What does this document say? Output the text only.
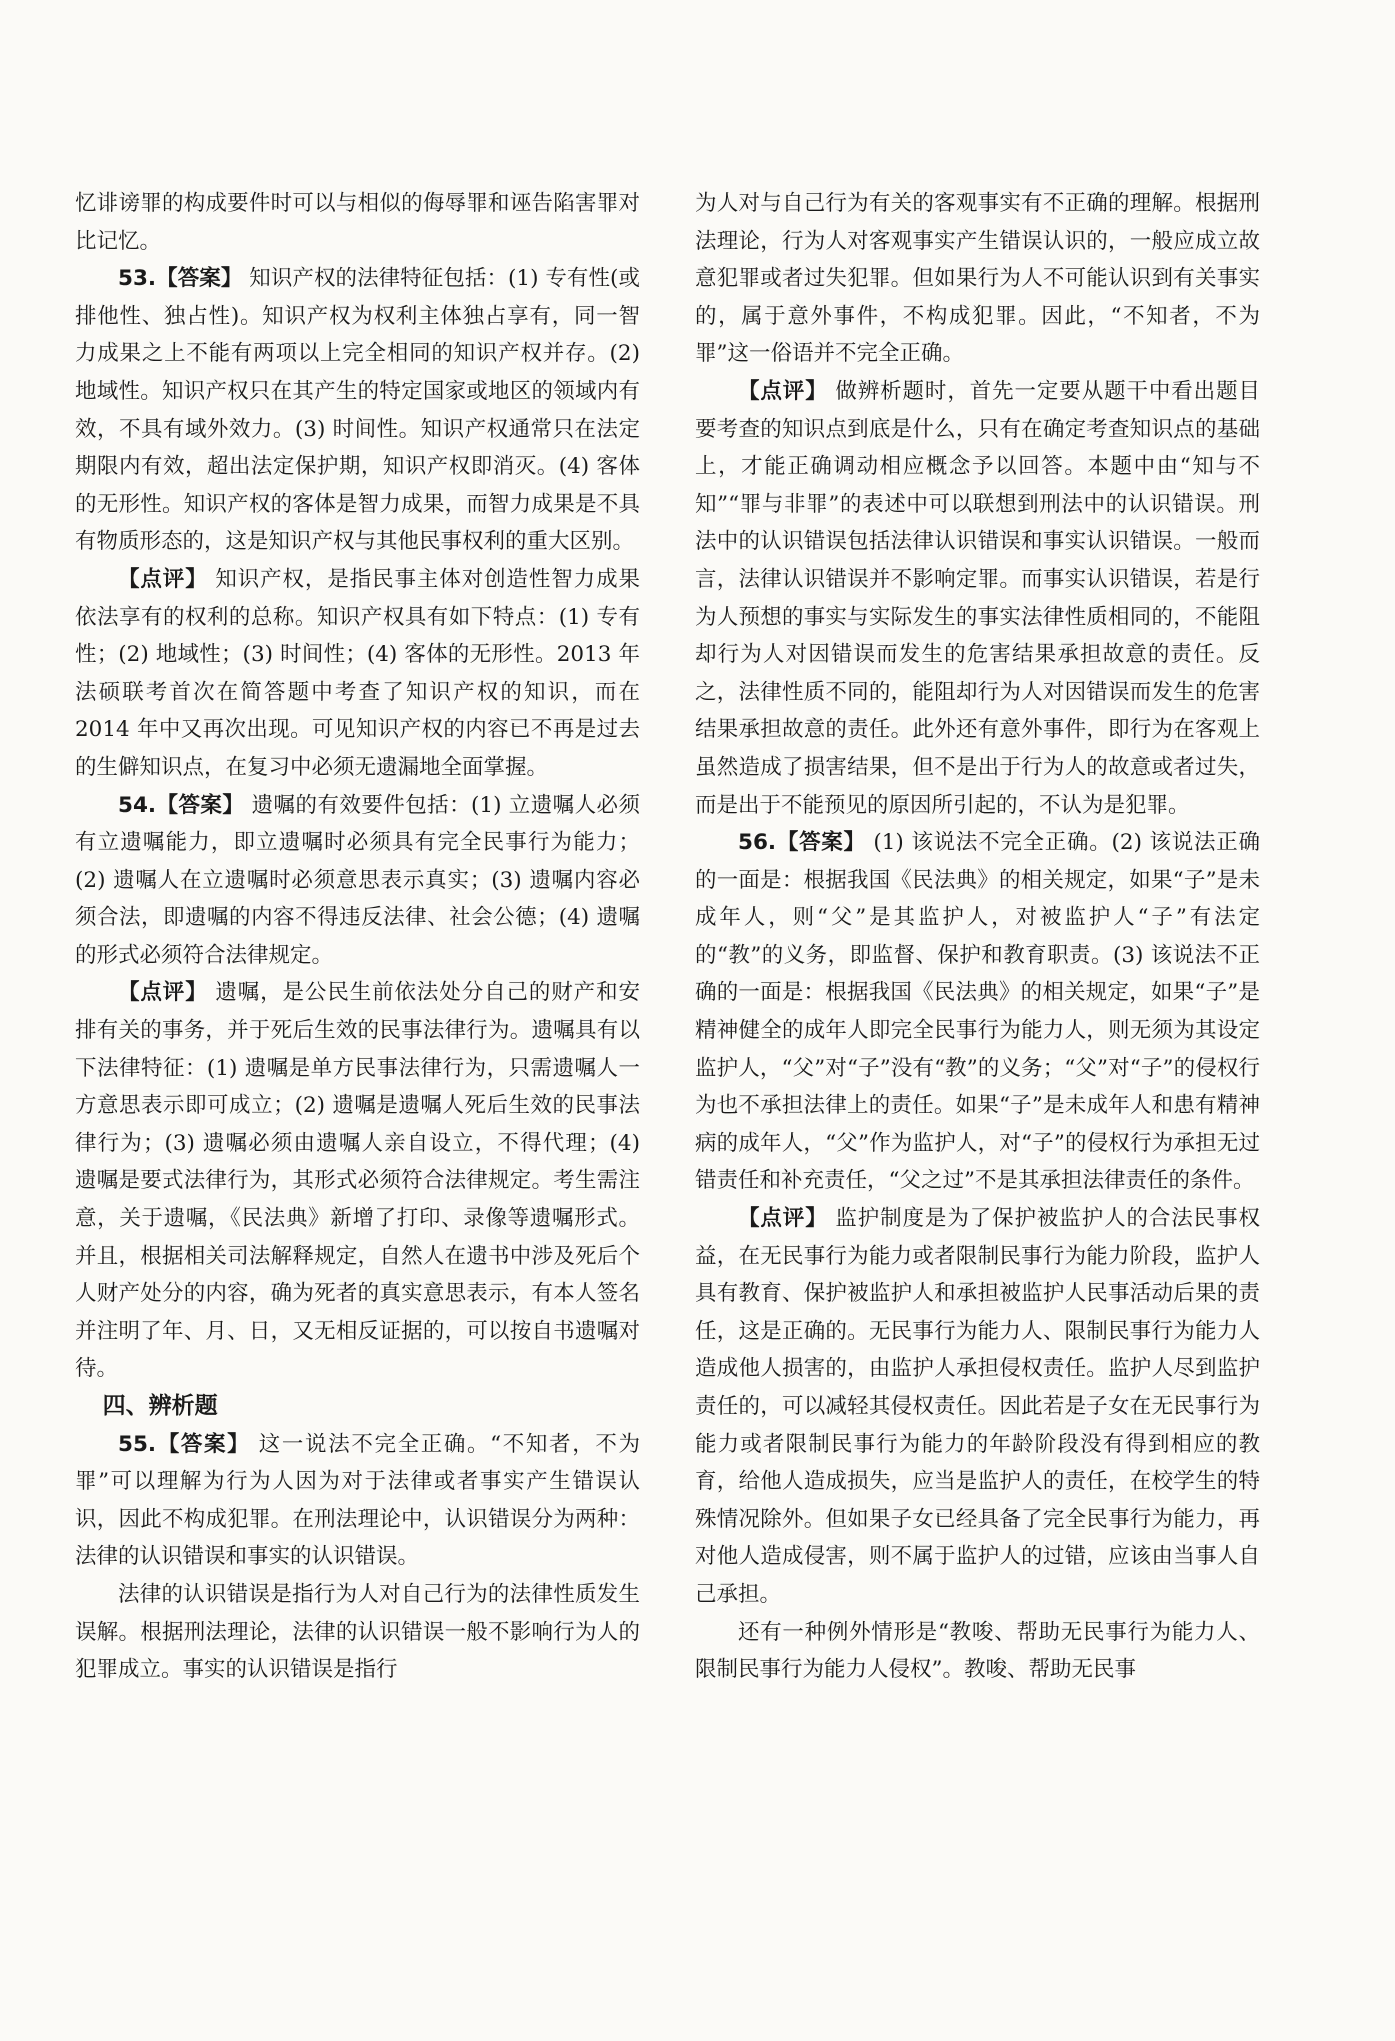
忆诽谤罪的构成要件时可以与相似的侮辱罪和诬告陷害罪对比记忆。

53.【答案】 知识产权的法律特征包括：(1) 专有性(或排他性、独占性)。知识产权为权利主体独占享有，同一智力成果之上不能有两项以上完全相同的知识产权并存。(2) 地域性。知识产权只在其产生的特定国家或地区的领域内有效，不具有域外效力。(3) 时间性。知识产权通常只在法定期限内有效，超出法定保护期，知识产权即消灭。(4) 客体的无形性。知识产权的客体是智力成果，而智力成果是不具有物质形态的，这是知识产权与其他民事权利的重大区别。

【点评】 知识产权，是指民事主体对创造性智力成果依法享有的权利的总称。知识产权具有如下特点：(1) 专有性；(2) 地域性；(3) 时间性；(4) 客体的无形性。2013 年法硕联考首次在简答题中考查了知识产权的知识，而在 2014 年中又再次出现。可见知识产权的内容已不再是过去的生僻知识点，在复习中必须无遗漏地全面掌握。

54.【答案】 遗嘱的有效要件包括：(1) 立遗嘱人必须有立遗嘱能力，即立遗嘱时必须具有完全民事行为能力；(2) 遗嘱人在立遗嘱时必须意思表示真实；(3) 遗嘱内容必须合法，即遗嘱的内容不得违反法律、社会公德；(4) 遗嘱的形式必须符合法律规定。

【点评】 遗嘱，是公民生前依法处分自己的财产和安排有关的事务，并于死后生效的民事法律行为。遗嘱具有以下法律特征：(1) 遗嘱是单方民事法律行为，只需遗嘱人一方意思表示即可成立；(2) 遗嘱是遗嘱人死后生效的民事法律行为；(3) 遗嘱必须由遗嘱人亲自设立，不得代理；(4) 遗嘱是要式法律行为，其形式必须符合法律规定。考生需注意，关于遗嘱，《民法典》新增了打印、录像等遗嘱形式。并且，根据相关司法解释规定，自然人在遗书中涉及死后个人财产处分的内容，确为死者的真实意思表示，有本人签名并注明了年、月、日，又无相反证据的，可以按自书遗嘱对待。

四、辨析题

55.【答案】 这一说法不完全正确。“不知者，不为罪”可以理解为行为人因为对于法律或者事实产生错误认识，因此不构成犯罪。在刑法理论中，认识错误分为两种：法律的认识错误和事实的认识错误。

法律的认识错误是指行为人对自己行为的法律性质发生误解。根据刑法理论，法律的认识错误一般不影响行为人的犯罪成立。事实的认识错误是指行

为人对与自己行为有关的客观事实有不正确的理解。根据刑法理论，行为人对客观事实产生错误认识的，一般应成立故意犯罪或者过失犯罪。但如果行为人不可能认识到有关事实的，属于意外事件，不构成犯罪。因此，“不知者，不为罪”这一俗语并不完全正确。

【点评】 做辨析题时，首先一定要从题干中看出题目要考查的知识点到底是什么，只有在确定考查知识点的基础上，才能正确调动相应概念予以回答。本题中由“知与不知”“罪与非罪”的表述中可以联想到刑法中的认识错误。刑法中的认识错误包括法律认识错误和事实认识错误。一般而言，法律认识错误并不影响定罪。而事实认识错误，若是行为人预想的事实与实际发生的事实法律性质相同的，不能阻却行为人对因错误而发生的危害结果承担故意的责任。反之，法律性质不同的，能阻却行为人对因错误而发生的危害结果承担故意的责任。此外还有意外事件，即行为在客观上虽然造成了损害结果，但不是出于行为人的故意或者过失，而是出于不能预见的原因所引起的，不认为是犯罪。

56.【答案】 (1) 该说法不完全正确。(2) 该说法正确的一面是：根据我国《民法典》的相关规定，如果“子”是未成年人，则“父”是其监护人，对被监护人“子”有法定的“教”的义务，即监督、保护和教育职责。(3) 该说法不正确的一面是：根据我国《民法典》的相关规定，如果“子”是精神健全的成年人即完全民事行为能力人，则无须为其设定监护人，“父”对“子”没有“教”的义务；“父”对“子”的侵权行为也不承担法律上的责任。如果“子”是未成年人和患有精神病的成年人，“父”作为监护人，对“子”的侵权行为承担无过错责任和补充责任，“父之过”不是其承担法律责任的条件。

【点评】 监护制度是为了保护被监护人的合法民事权益，在无民事行为能力或者限制民事行为能力阶段，监护人具有教育、保护被监护人和承担被监护人民事活动后果的责任，这是正确的。无民事行为能力人、限制民事行为能力人造成他人损害的，由监护人承担侵权责任。监护人尽到监护责任的，可以减轻其侵权责任。因此若是子女在无民事行为能力或者限制民事行为能力的年龄阶段没有得到相应的教育，给他人造成损失，应当是监护人的责任，在校学生的特殊情况除外。但如果子女已经具备了完全民事行为能力，再对他人造成侵害，则不属于监护人的过错，应该由当事人自己承担。

还有一种例外情形是“教唆、帮助无民事行为能力人、限制民事行为能力人侵权”。教唆、帮助无民事
